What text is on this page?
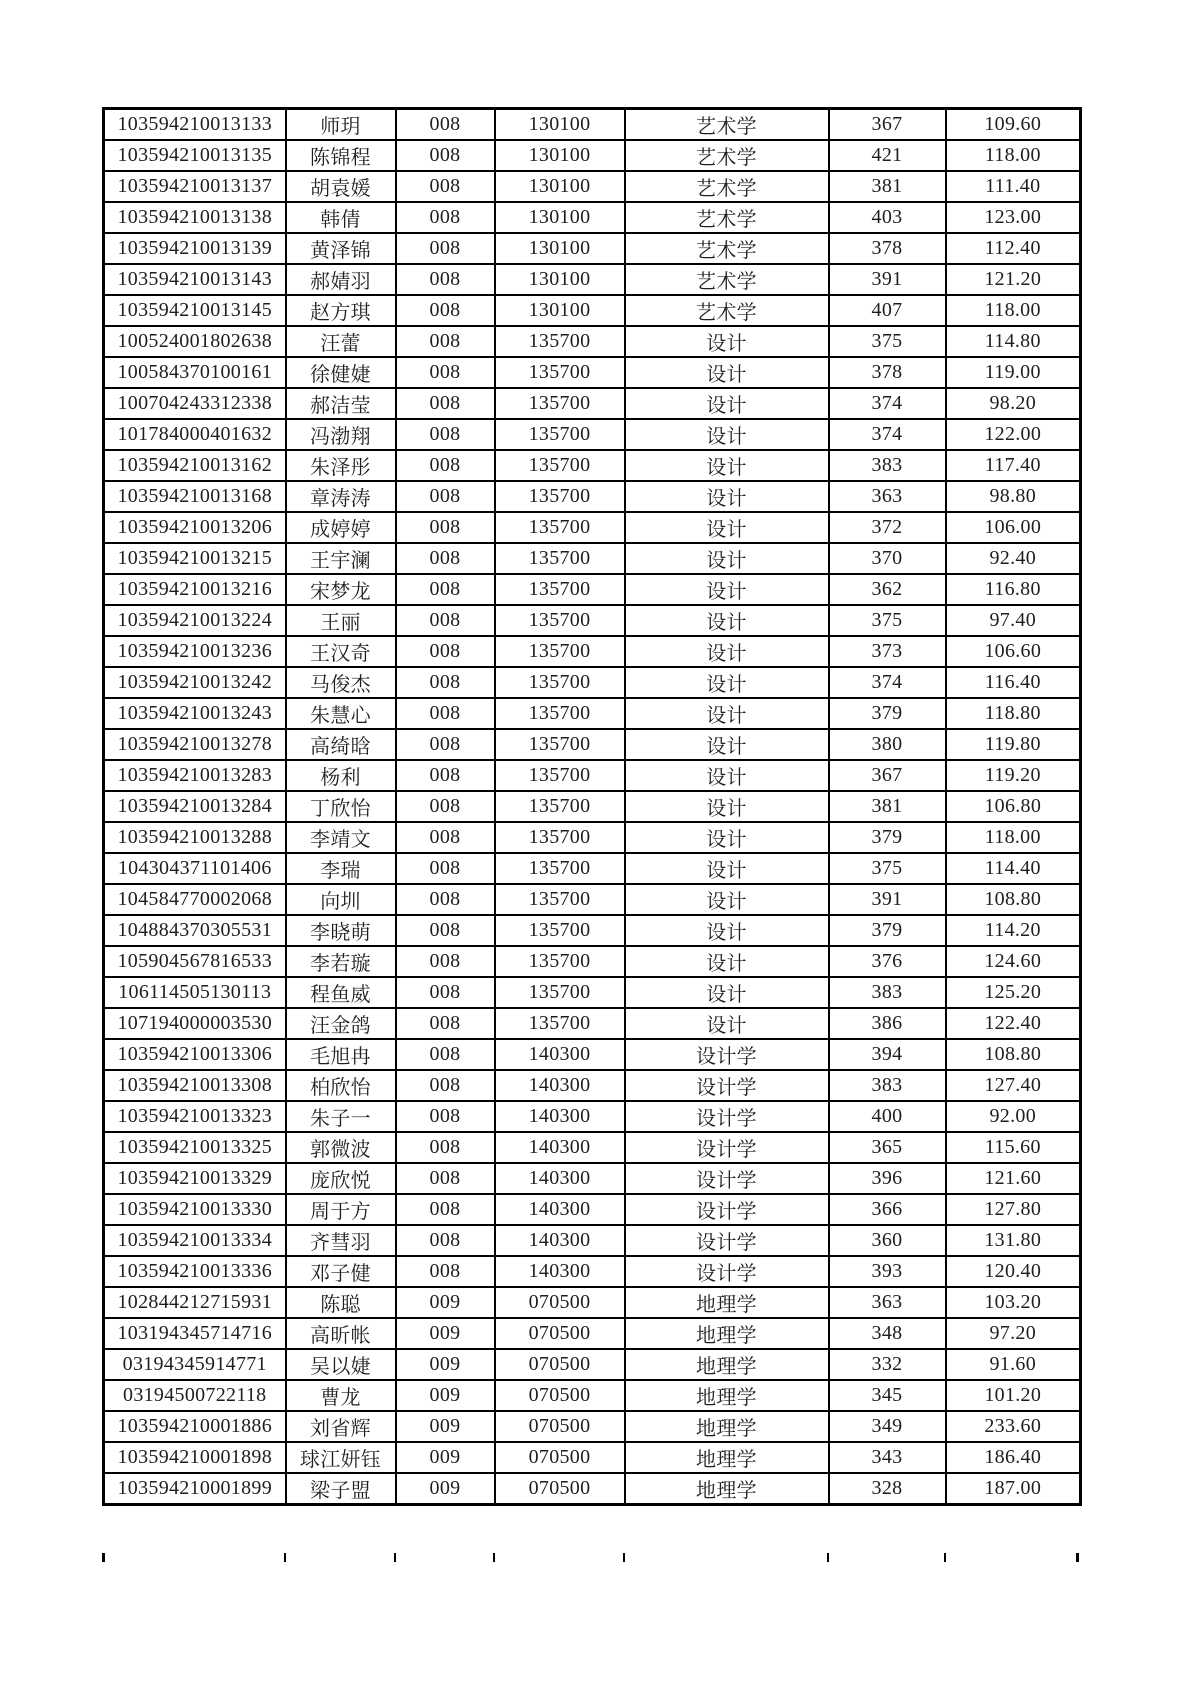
103594210013133	师玥	008	130100	艺术学	367	109.60
103594210013135	陈锦程	008	130100	艺术学	421	118.00
103594210013137	胡袁媛	008	130100	艺术学	381	111.40
103594210013138	韩倩	008	130100	艺术学	403	123.00
103594210013139	黄泽锦	008	130100	艺术学	378	112.40
103594210013143	郝婧羽	008	130100	艺术学	391	121.20
103594210013145	赵方琪	008	130100	艺术学	407	118.00
100524001802638	汪蕾	008	135700	设计	375	114.80
100584370100161	徐健婕	008	135700	设计	378	119.00
100704243312338	郝洁莹	008	135700	设计	374	98.20
101784000401632	冯渤翔	008	135700	设计	374	122.00
103594210013162	朱泽彤	008	135700	设计	383	117.40
103594210013168	章涛涛	008	135700	设计	363	98.80
103594210013206	成婷婷	008	135700	设计	372	106.00
103594210013215	王宇澜	008	135700	设计	370	92.40
103594210013216	宋梦龙	008	135700	设计	362	116.80
103594210013224	王丽	008	135700	设计	375	97.40
103594210013236	王汉奇	008	135700	设计	373	106.60
103594210013242	马俊杰	008	135700	设计	374	116.40
103594210013243	朱慧心	008	135700	设计	379	118.80
103594210013278	高绮晗	008	135700	设计	380	119.80
103594210013283	杨利	008	135700	设计	367	119.20
103594210013284	丁欣怡	008	135700	设计	381	106.80
103594210013288	李靖文	008	135700	设计	379	118.00
104304371101406	李瑞	008	135700	设计	375	114.40
104584770002068	向圳	008	135700	设计	391	108.80
104884370305531	李晓萌	008	135700	设计	379	114.20
105904567816533	李若璇	008	135700	设计	376	124.60
106114505130113	程鱼威	008	135700	设计	383	125.20
107194000003530	汪金鸽	008	135700	设计	386	122.40
103594210013306	毛旭冉	008	140300	设计学	394	108.80
103594210013308	柏欣怡	008	140300	设计学	383	127.40
103594210013323	朱子一	008	140300	设计学	400	92.00
103594210013325	郭微波	008	140300	设计学	365	115.60
103594210013329	庞欣悦	008	140300	设计学	396	121.60
103594210013330	周于方	008	140300	设计学	366	127.80
103594210013334	齐彗羽	008	140300	设计学	360	131.80
103594210013336	邓子健	008	140300	设计学	393	120.40
102844212715931	陈聪	009	070500	地理学	363	103.20
103194345714716	高昕帐	009	070500	地理学	348	97.20
03194345914771	吴以婕	009	070500	地理学	332	91.60
03194500722118	曹龙	009	070500	地理学	345	101.20
103594210001886	刘省辉	009	070500	地理学	349	233.60
103594210001898	球江妍钰	009	070500	地理学	343	186.40
103594210001899	梁子盟	009	070500	地理学	328	187.00
